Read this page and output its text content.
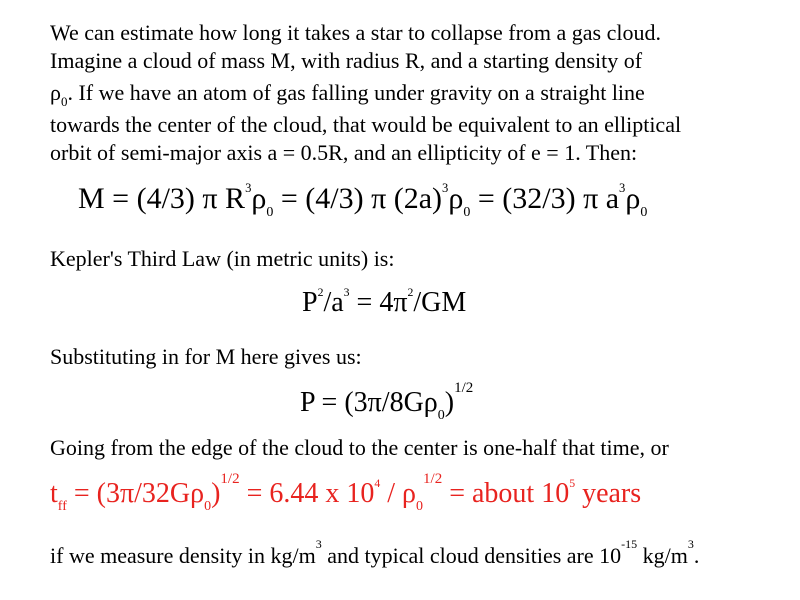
We can estimate how long it takes a star to collapse from a gas cloud.

Imagine a cloud of mass M, with radius R, and a starting density of

$\rho_0$. If we have an atom of gas falling under gravity on a straight line

towards the center of the cloud, that would be equivalent to an elliptical

orbit of semi-major axis a = 0.5R, and an ellipticity of e = 1. Then:

M = (4/3) π $R^3\rho_0 = (4/3)$ π $(2a)^3\rho_0 = (32/3)$ π $a^3\rho_0$

Kepler's Third Law (in metric units) is:

$P^2/a^3 = 4\pi^2/GM$

Substituting in for M here gives us:

$P = (3\pi/8G\rho_0)^{1/2}$

Going from the edge of the cloud to the center is one-half that time, or

$t_{ff} = (3\pi/32G\rho_0)^{1/2} = 6.44$ x $10^4 / \rho_0^{1/2}$ = about $10^5$ years

if we measure density in $kg/m^3$ and typical cloud densities are $10^{-15}$ $kg/m^3$.
